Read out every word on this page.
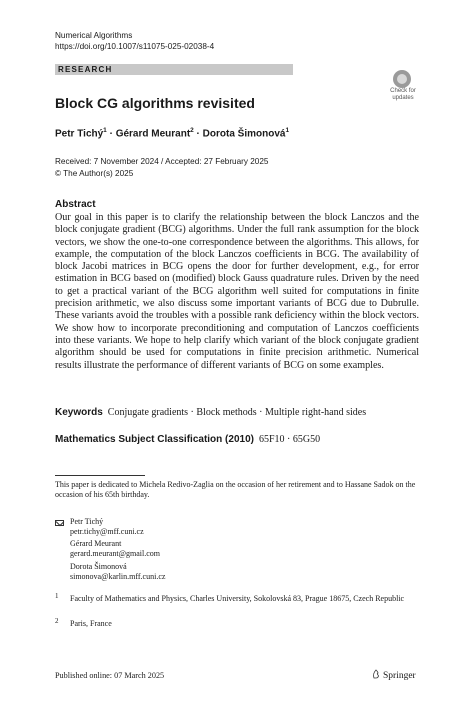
Numerical Algorithms
https://doi.org/10.1007/s11075-025-02038-4
RESEARCH
Check for
updates
Block CG algorithms revisited
Petr Tichý$^1$ · Gérard Meurant$^2$ · Dorota Šimonová$^1$
Received: 7 November 2024 / Accepted: 27 February 2025
© The Author(s) 2025
Abstract
Our goal in this paper is to clarify the relationship between the block Lanczos and the block conjugate gradient (BCG) algorithms. Under the full rank assumption for the block vectors, we show the one-to-one correspondence between the algorithms. This allows, for example, the computation of the block Lanczos coefficients in BCG. The availability of block Jacobi matrices in BCG opens the door for further development, e.g., for error estimation in BCG based on (modified) block Gauss quadrature rules. Driven by the need to get a practical variant of the BCG algorithm well suited for computations in finite precision arithmetic, we also discuss some important variants of BCG due to Dubrulle. These variants avoid the troubles with a possible rank deficiency within the block vectors. We show how to incorporate preconditioning and computation of Lanczos coefficients into these variants. We hope to help clarify which variant of the block conjugate gradient algorithm should be used for computations in finite precision arithmetic. Numerical results illustrate the performance of different variants of BCG on some examples.
Keywords Conjugate gradients · Block methods · Multiple right-hand sides
Mathematics Subject Classification (2010) 65F10 · 65G50
This paper is dedicated to Michela Redivo-Zaglia on the occasion of her retirement and to Hassane Sadok on the occasion of his 65th birthday.
Petr Tichý
petr.tichy@mff.cuni.cz
Gérard Meurant
gerard.meurant@gmail.com
Dorota Šimonová
simonova@karlin.mff.cuni.cz
1 Faculty of Mathematics and Physics, Charles University, Sokolovská 83, Prague 18675, Czech Republic
2 Paris, France
Published online: 07 March 2025	Springer
